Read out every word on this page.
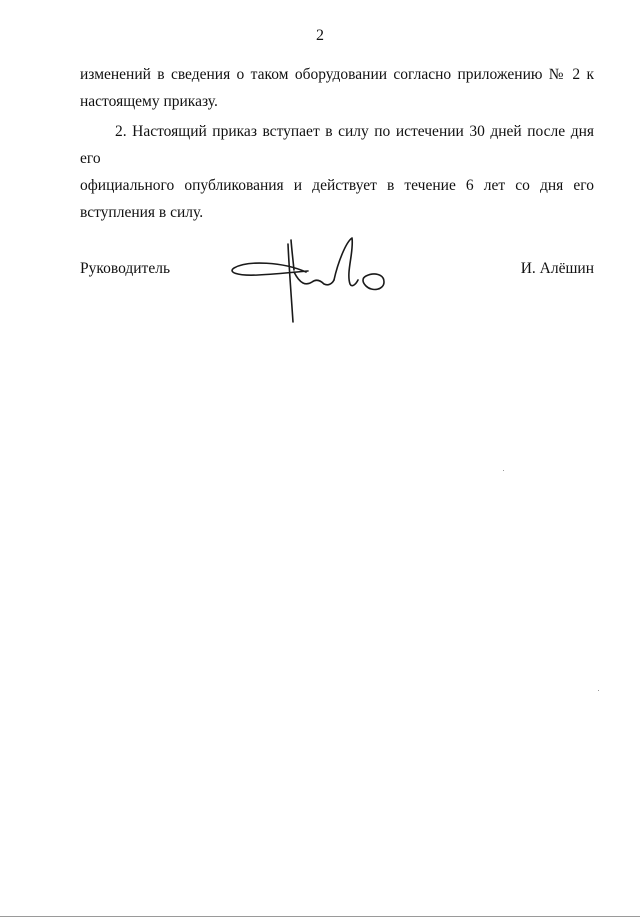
2
изменений в сведения о таком оборудовании согласно приложению № 2 к

настоящему приказу.
2. Настоящий приказ вступает в силу по истечении 30 дней после дня его
официального опубликования и действует в течение 6 лет со дня его

вступления в силу.
Руководитель	И. Алёшин
